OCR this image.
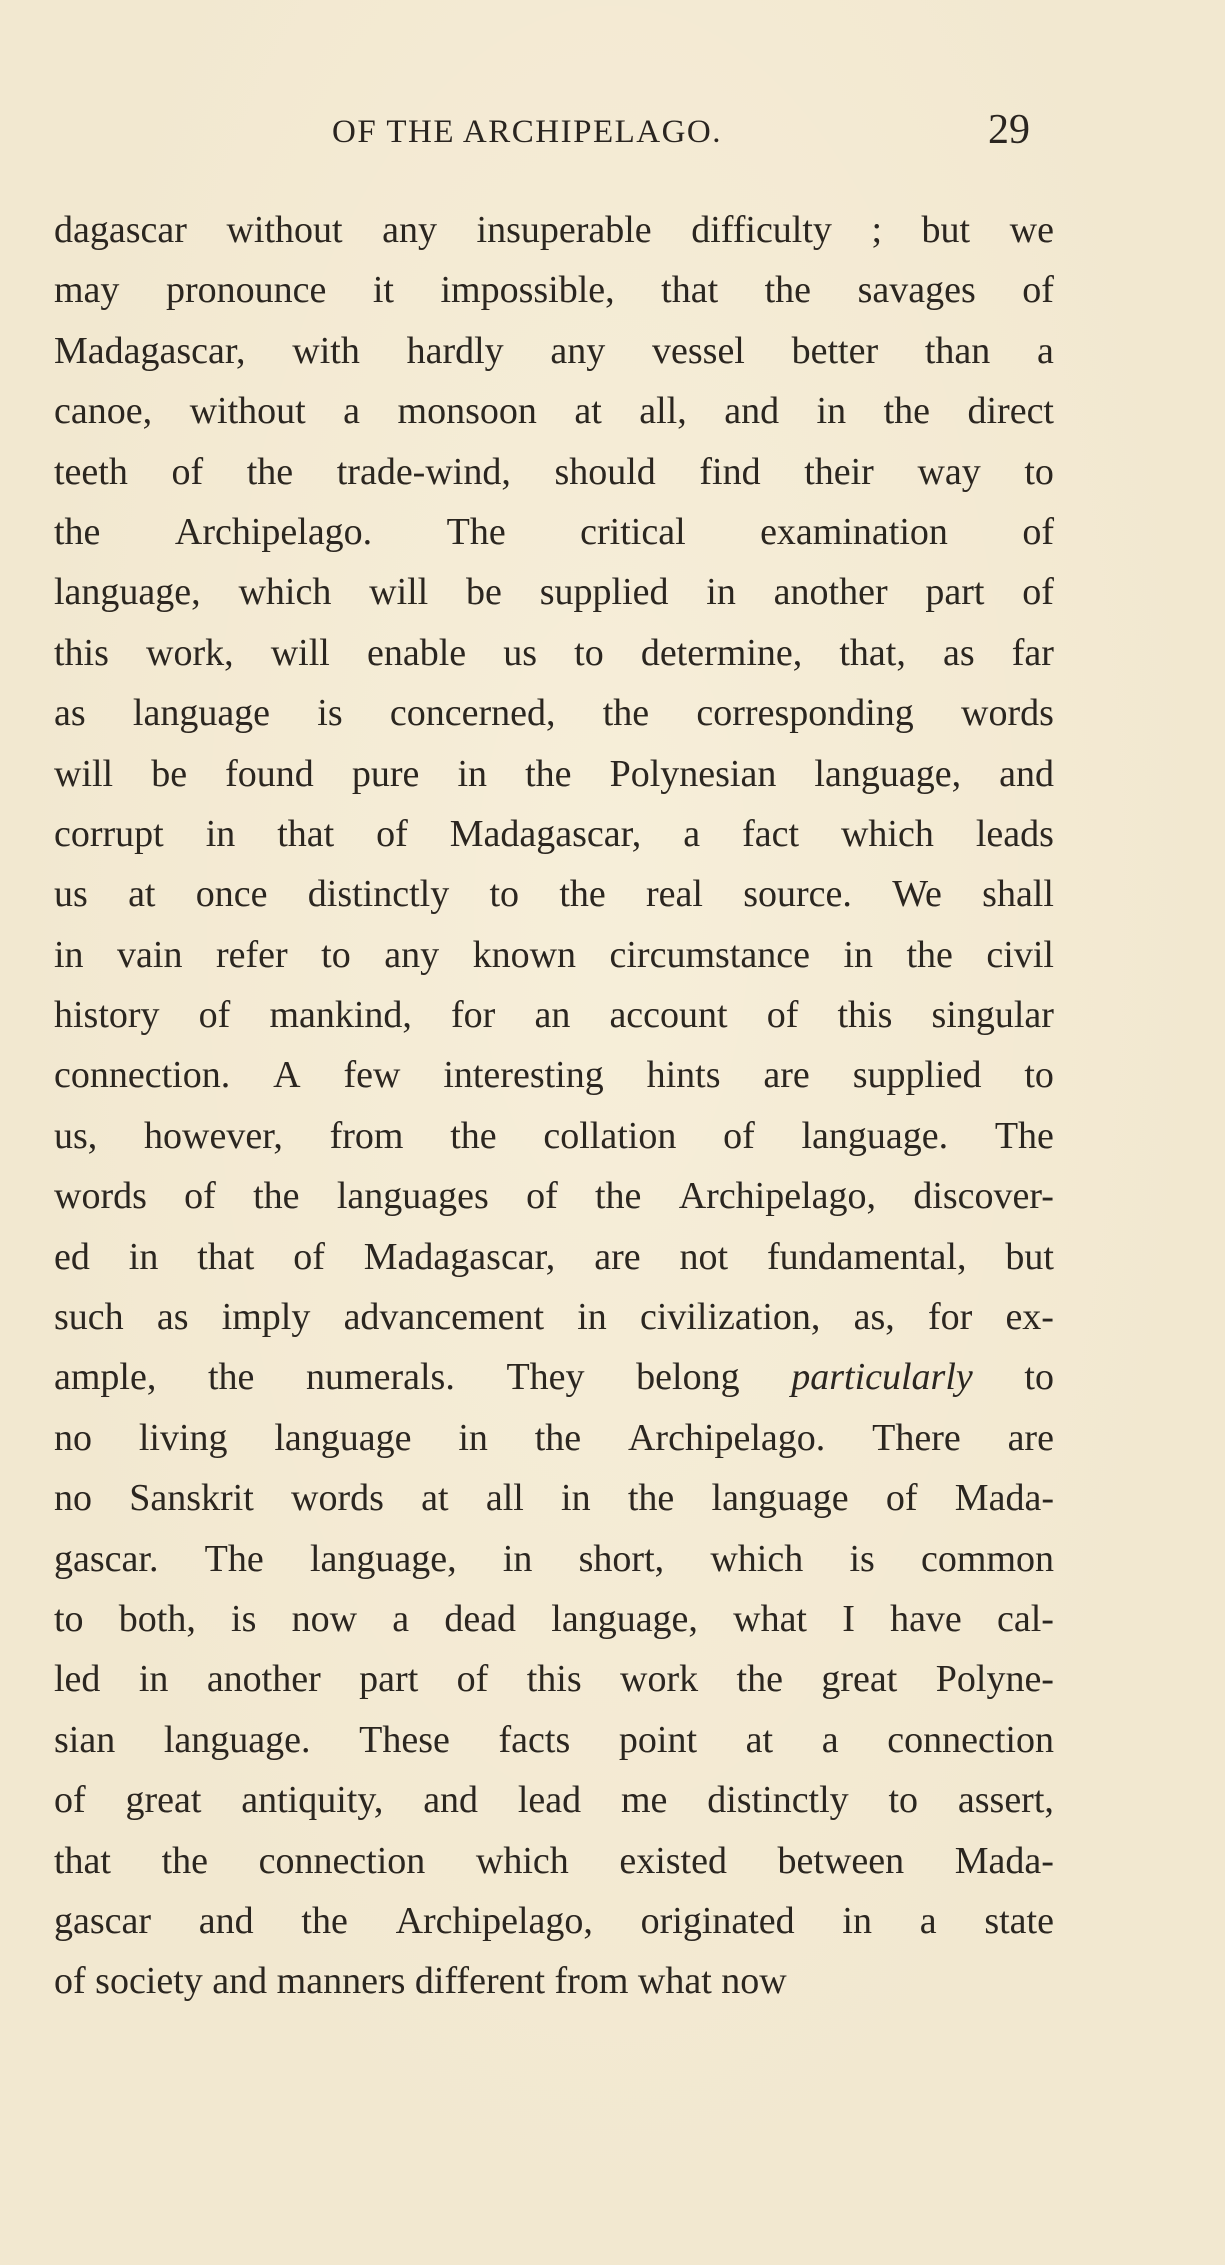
OF THE ARCHIPELAGO.	29
dagascar without any insuperable difficulty ; but we
may pronounce it impossible, that the savages of
Madagascar, with hardly any vessel better than a
canoe, without a monsoon at all, and in the direct
teeth of the trade-wind, should find their way to
the Archipelago. The critical examination of
language, which will be supplied in another part of
this work, will enable us to determine, that, as far
as language is concerned, the corresponding words
will be found pure in the Polynesian language, and
corrupt in that of Madagascar, a fact which leads
us at once distinctly to the real source. We shall
in vain refer to any known circumstance in the civil
history of mankind, for an account of this singular
connection. A few interesting hints are supplied to
us, however, from the collation of language. The
words of the languages of the Archipelago, discover-
ed in that of Madagascar, are not fundamental, but
such as imply advancement in civilization, as, for ex-
ample, the numerals. They belong particularly to
no living language in the Archipelago. There are
no Sanskrit words at all in the language of Mada-
gascar. The language, in short, which is common
to both, is now a dead language, what I have cal-
led in another part of this work the great Polyne-
sian language. These facts point at a connection
of great antiquity, and lead me distinctly to assert,
that the connection which existed between Mada-
gascar and the Archipelago, originated in a state
of
society
and
manners
different
from
what
now
